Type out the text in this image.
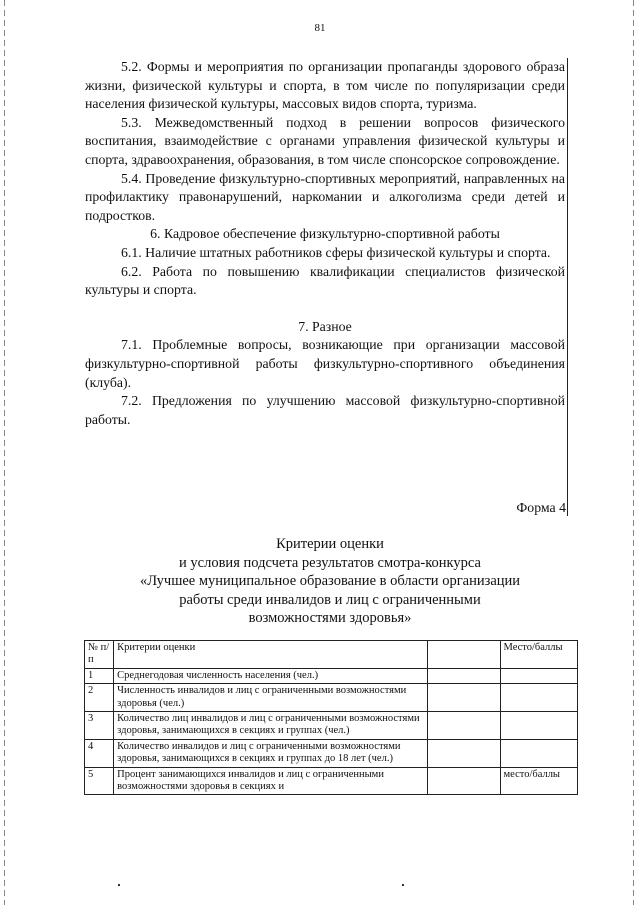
81

5.2. Формы и мероприятия по организации пропаганды здорового образа жизни, физической культуры и спорта, в том числе по популяризации среди населения физической культуры, массовых видов спорта, туризма.

5.3. Межведомственный подход в решении вопросов физического воспитания, взаимодействие с органами управления физической культуры и спорта, здравоохранения, образования, в том числе спонсорское сопровождение.

5.4. Проведение физкультурно-спортивных мероприятий, направленных на профилактику правонарушений, наркомании и алкоголизма среди детей и подростков.

6. Кадровое обеспечение физкультурно-спортивной работы

6.1. Наличие штатных работников сферы физической культуры и спорта.

6.2. Работа по повышению квалификации специалистов физической культуры и спорта.

7. Разное

7.1. Проблемные вопросы, возникающие при организации массовой физкультурно-спортивной работы физкультурно-спортивного объединения (клуба).

7.2. Предложения по улучшению массовой физкультурно-спортивной работы.

Форма 4
Критерии оценки
и условия подсчета результатов смотра-конкурса
«Лучшее муниципальное образование в области организации
работы среди инвалидов и лиц с ограниченными
возможностями здоровья»
№ п/п	Критерии оценки		Место/баллы
1	Среднегодовая численность населения (чел.)		
2	Численность инвалидов и лиц с ограниченными возможностями здоровья (чел.)		
3	Количество лиц инвалидов и лиц с ограниченными возможностями здоровья, занимающихся в секциях и группах (чел.)		
4	Количество инвалидов и лиц с ограниченными возможностями здоровья, занимающихся в секциях и группах до 18 лет (чел.)		
5	Процент занимающихся инвалидов и лиц с ограниченными возможностями здоровья в секциях и		место/баллы
